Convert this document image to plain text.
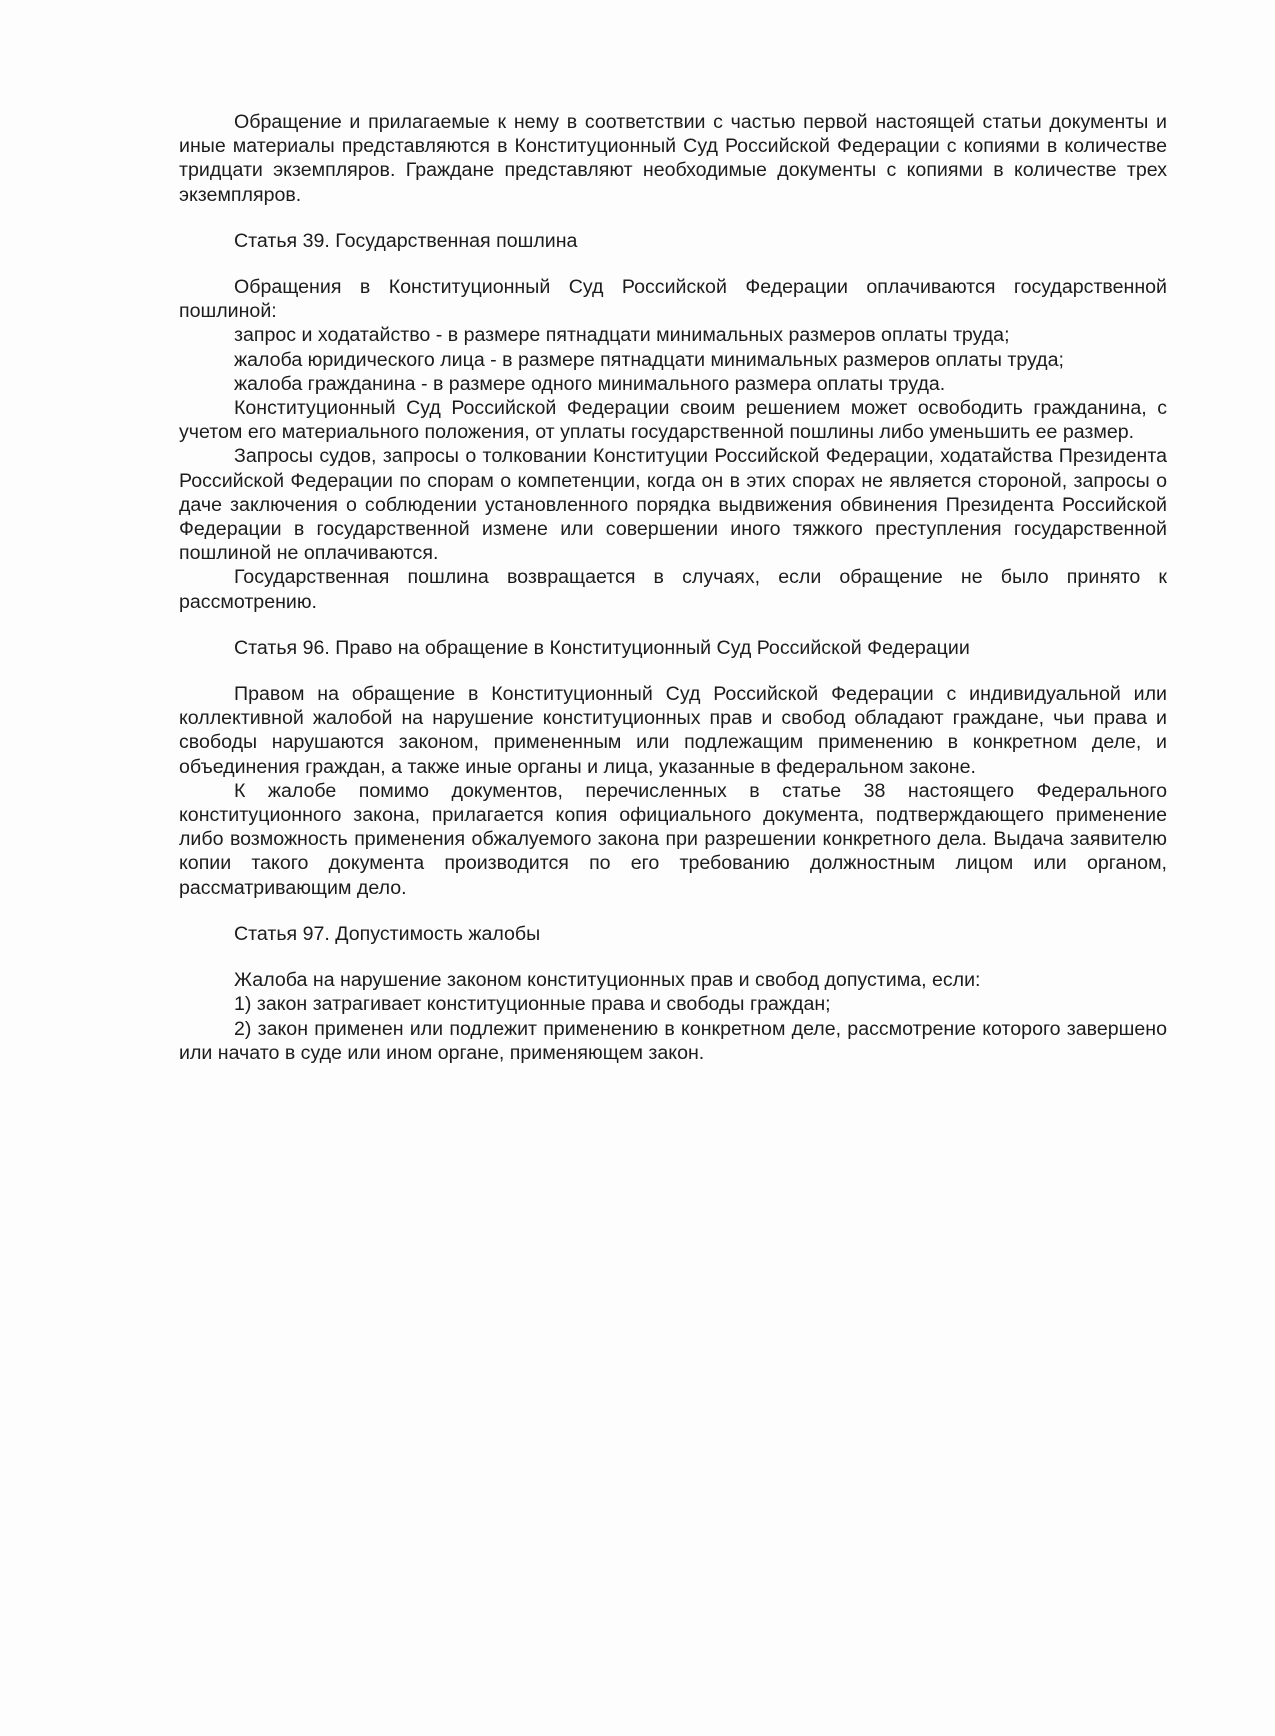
Обращение и прилагаемые к нему в соответствии с частью первой настоящей статьи документы и иные материалы представляются в Конституционный Суд Российской Федерации с копиями в количестве тридцати экземпляров. Граждане представляют необходимые документы с копиями в количестве трех экземпляров.

Статья 39. Государственная пошлина

Обращения в Конституционный Суд Российской Федерации оплачиваются государственной пошлиной:

запрос и ходатайство - в размере пятнадцати минимальных размеров оплаты труда;

жалоба юридического лица - в размере пятнадцати минимальных размеров оплаты труда;

жалоба гражданина - в размере одного минимального размера оплаты труда.

Конституционный Суд Российской Федерации своим решением может освободить гражданина, с учетом его материального положения, от уплаты государственной пошлины либо уменьшить ее размер.

Запросы судов, запросы о толковании Конституции Российской Федерации, ходатайства Президента Российской Федерации по спорам о компетенции, когда он в этих спорах не является стороной, запросы о даче заключения о соблюдении установленного порядка выдвижения обвинения Президента Российской Федерации в государственной измене или совершении иного тяжкого преступления государственной пошлиной не оплачиваются.

Государственная пошлина возвращается в случаях, если обращение не было принято к рассмотрению.

Статья 96. Право на обращение в Конституционный Суд Российской Федерации

Правом на обращение в Конституционный Суд Российской Федерации с индивидуальной или коллективной жалобой на нарушение конституционных прав и свобод обладают граждане, чьи права и свободы нарушаются законом, примененным или подлежащим применению в конкретном деле, и объединения граждан, а также иные органы и лица, указанные в федеральном законе.

К жалобе помимо документов, перечисленных в статье 38 настоящего Федерального конституционного закона, прилагается копия официального документа, подтверждающего применение либо возможность применения обжалуемого закона при разрешении конкретного дела. Выдача заявителю копии такого документа производится по его требованию должностным лицом или органом, рассматривающим дело.

Статья 97. Допустимость жалобы

Жалоба на нарушение законом конституционных прав и свобод допустима, если:

1) закон затрагивает конституционные права и свободы граждан;

2) закон применен или подлежит применению в конкретном деле, рассмотрение которого завершено или начато в суде или ином органе, применяющем закон.
